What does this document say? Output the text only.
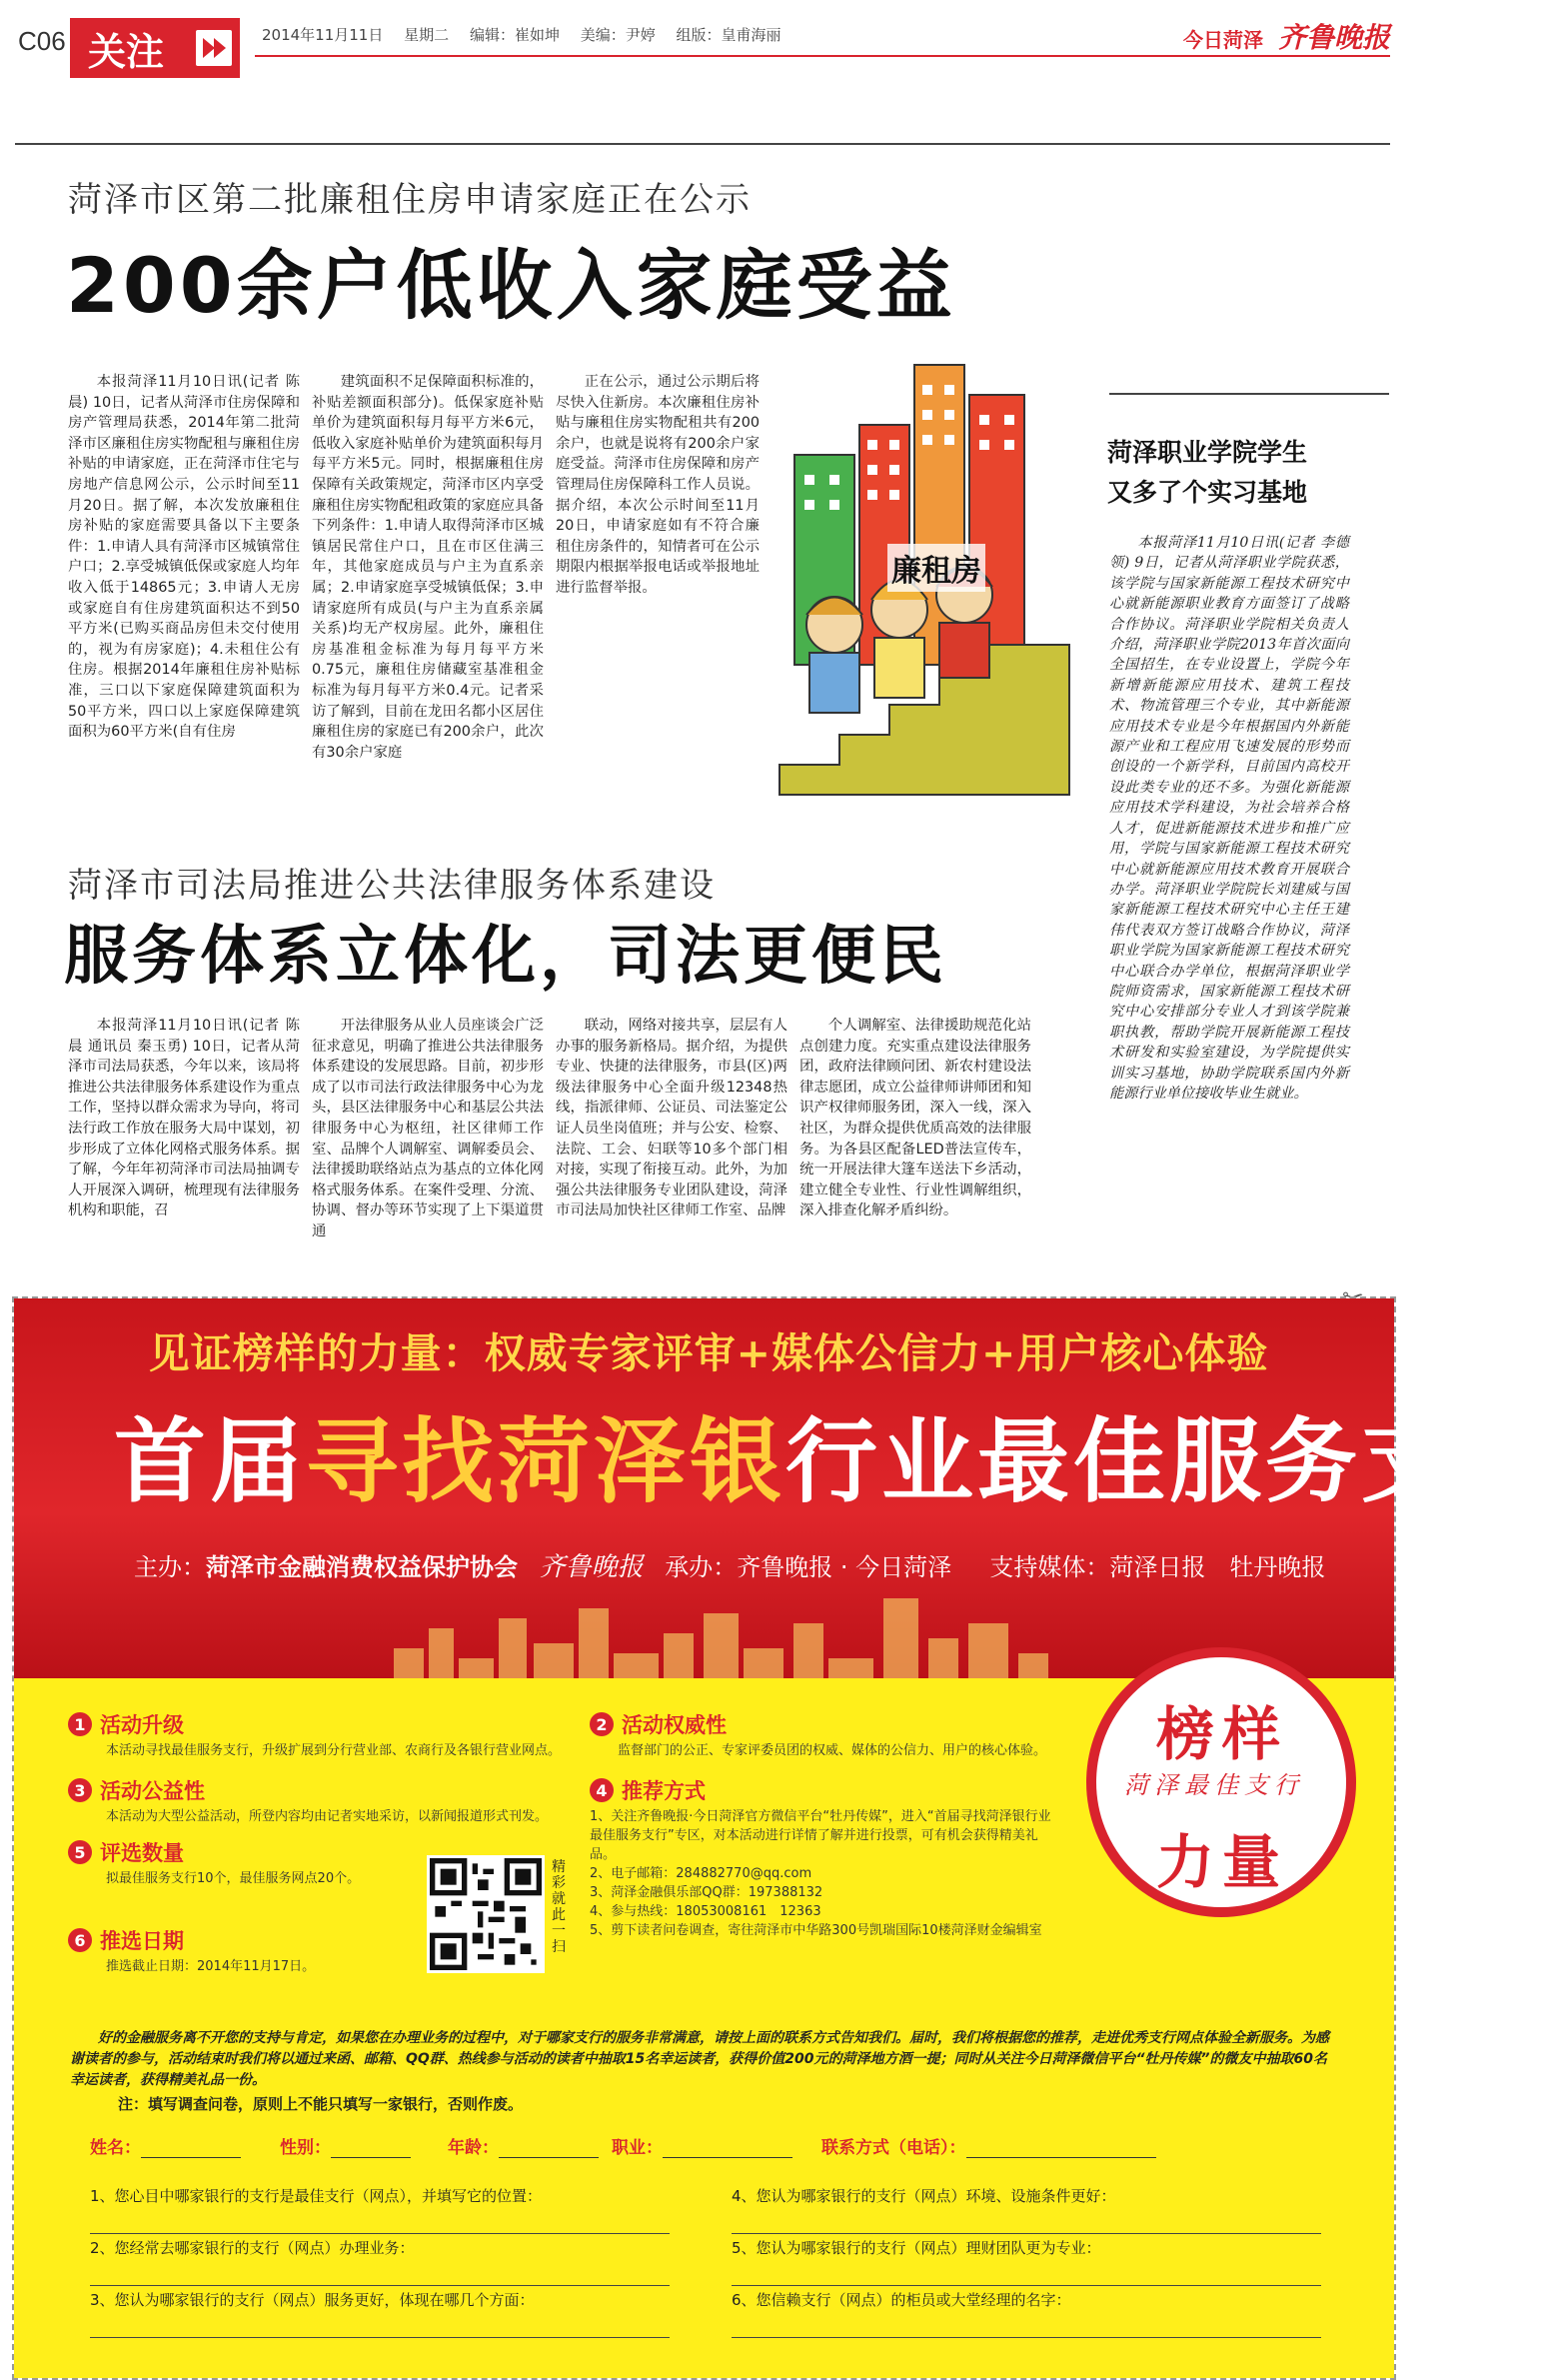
C06 关注	2014年11月11日 星期二 编辑：崔如坤 美编：尹婷 组版：皇甫海丽	今日菏泽 齐鲁晚报
菏泽市区第二批廉租住房申请家庭正在公示
200余户低收入家庭受益

本报菏泽11月10日讯(记者 陈晨) 10日，记者从菏泽市住房保障和房产管理局获悉，2014年第二批菏泽市区廉租住房实物配租与廉租住房补贴的申请家庭，正在菏泽市住宅与房地产信息网公示，公示时间至11月20日。据了解，本次发放廉租住房补贴的家庭需要具备以下主要条件：1.申请人具有菏泽市区城镇常住户口；2.享受城镇低保或家庭人均年收入低于14865元；3.申请人无房或家庭自有住房建筑面积达不到50平方米(已购买商品房但未交付使用的，视为有房家庭)；4.未租住公有住房。根据2014年廉租住房补贴标准，三口以下家庭保障建筑面积为50平方米，四口以上家庭保障建筑面积为60平方米(自有住房

建筑面积不足保障面积标准的，补贴差额面积部分)。低保家庭补贴单价为建筑面积每月每平方米6元，低收入家庭补贴单价为建筑面积每月每平方米5元。同时，根据廉租住房保障有关政策规定，菏泽市区内享受廉租住房实物配租政策的家庭应具备下列条件：1.申请人取得菏泽市区城镇居民常住户口，且在市区住满三年，其他家庭成员与户主为直系亲属；2.申请家庭享受城镇低保；3.申请家庭所有成员(与户主为直系亲属关系)均无产权房屋。此外，廉租住房基准租金标准为每月每平方米0.75元，廉租住房储藏室基准租金标准为每月每平方米0.4元。记者采访了解到，目前在龙田名都小区居住廉租住房的家庭已有200余户，此次有30余户家庭

正在公示，通过公示期后将尽快入住新房。本次廉租住房补贴与廉租住房实物配租共有200余户，也就是说将有200余户家庭受益。菏泽市住房保障和房产管理局住房保障科工作人员说。据介绍，本次公示时间至11月20日，申请家庭如有不符合廉租住房条件的，知情者可在公示期限内根据举报电话或举报地址进行监督举报。	廉租房
菏泽职业学院学生
又多了个实习基地

本报菏泽11月10日讯(记者 李德领) 9日，记者从菏泽职业学院获悉，该学院与国家新能源工程技术研究中心就新能源职业教育方面签订了战略合作协议。菏泽职业学院相关负责人介绍，菏泽职业学院2013年首次面向全国招生，在专业设置上，学院今年新增新能源应用技术、建筑工程技术、物流管理三个专业，其中新能源应用技术专业是今年根据国内外新能源产业和工程应用飞速发展的形势而创设的一个新学科，目前国内高校开设此类专业的还不多。为强化新能源应用技术学科建设，为社会培养合格人才，促进新能源技术进步和推广应用，学院与国家新能源工程技术研究中心就新能源应用技术教育开展联合办学。菏泽职业学院院长刘建威与国家新能源工程技术研究中心主任王建伟代表双方签订战略合作协议，菏泽职业学院为国家新能源工程技术研究中心联合办学单位，根据菏泽职业学院师资需求，国家新能源工程技术研究中心安排部分专业人才到该学院兼职执教，帮助学院开展新能源工程技术研发和实验室建设，为学院提供实训实习基地，协助学院联系国内外新能源行业单位接收毕业生就业。

菏泽市司法局推进公共法律服务体系建设
服务体系立体化，司法更便民

本报菏泽11月10日讯(记者 陈晨 通讯员 秦玉勇) 10日，记者从菏泽市司法局获悉，今年以来，该局将推进公共法律服务体系建设作为重点工作，坚持以群众需求为导向，将司法行政工作放在服务大局中谋划，初步形成了立体化网格式服务体系。据了解，今年年初菏泽市司法局抽调专人开展深入调研，梳理现有法律服务机构和职能，召

开法律服务从业人员座谈会广泛征求意见，明确了推进公共法律服务体系建设的发展思路。目前，初步形成了以市司法行政法律服务中心为龙头，县区法律服务中心和基层公共法律服务中心为枢纽，社区律师工作室、品牌个人调解室、调解委员会、法律援助联络站点为基点的立体化网格式服务体系。在案件受理、分流、协调、督办等环节实现了上下渠道贯通

联动，网络对接共享，层层有人办事的服务新格局。据介绍，为提供专业、快捷的法律服务，市县(区)两级法律服务中心全面升级12348热线，指派律师、公证员、司法鉴定公证人员坐岗值班；并与公安、检察、法院、工会、妇联等10多个部门相对接，实现了衔接互动。此外，为加强公共法律服务专业团队建设，菏泽市司法局加快社区律师工作室、品牌

个人调解室、法律援助规范化站点创建力度。充实重点建设法律服务团，政府法律顾问团、新农村建设法律志愿团，成立公益律师讲师团和知识产权律师服务团，深入一线，深入社区，为群众提供优质高效的法律服务。为各县区配备LED普法宣传车，统一开展法律大篷车送法下乡活动，建立健全专业性、行业性调解组织，深入排查化解矛盾纠纷。

见证榜样的力量：权威专家评审+媒体公信力+用户核心体验
首届寻找菏泽银行业最佳服务支行
主办：菏泽市金融消费权益保护协会 齐鲁晚报 承办：齐鲁晚报 · 今日菏泽 支持媒体：菏泽日报　牡丹晚报
1 活动升级
本活动寻找最佳服务支行，升级扩展到分行营业部、农商行及各银行营业网点。
2 活动权威性
监督部门的公正、专家评委员团的权威、媒体的公信力、用户的核心体验。
3 活动公益性
本活动为大型公益活动，所登内容均由记者实地采访，以新闻报道形式刊发。
4 推荐方式
1、关注齐鲁晚报·今日菏泽官方微信平台“牡丹传媒”，进入“首届寻找菏泽银行业最佳服务支行”专区，对本活动进行详情了解并进行投票，可有机会获得精美礼品。
2、电子邮箱：284882770@qq.com
3、菏泽金融俱乐部QQ群：197388132
4、参与热线：18053008161　12363
5、剪下读者问卷调查，寄往菏泽市中华路300号凯瑞国际10楼菏泽财金编辑室
5 评选数量
拟最佳服务支行10个，最佳服务网点20个。
6 推选日期
推选截止日期：2014年11月17日。
精彩就此一扫
榜样
菏泽最佳支行
力量
好的金融服务离不开您的支持与肯定，如果您在办理业务的过程中，对于哪家支行的服务非常满意，请按上面的联系方式告知我们。届时，我们将根据您的推荐，走进优秀支行网点体验全新服务。为感谢读者的参与，活动结束时我们将以通过来函、邮箱、QQ群、热线参与活动的读者中抽取15名幸运读者，获得价值200元的菏泽地方酒一提；同时从关注今日菏泽微信平台“牡丹传媒”的微友中抽取60名幸运读者，获得精美礼品一份。
注：填写调查问卷，原则上不能只填写一家银行，否则作废。
姓名：	性别：	年龄：	职业：	联系方式（电话）：
1、您心目中哪家银行的支行是最佳支行（网点），并填写它的位置：
2、您经常去哪家银行的支行（网点）办理业务：
3、您认为哪家银行的支行（网点）服务更好，体现在哪几个方面：
4、您认为哪家银行的支行（网点）环境、设施条件更好：
5、您认为哪家银行的支行（网点）理财团队更为专业：
6、您信赖支行（网点）的柜员或大堂经理的名字：
